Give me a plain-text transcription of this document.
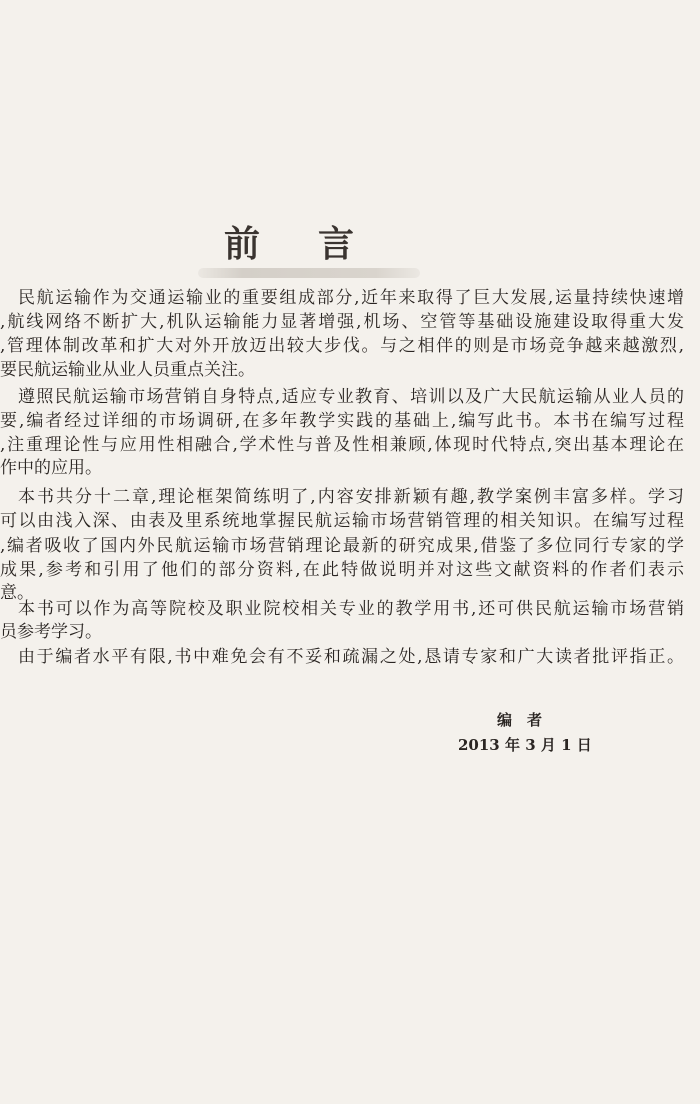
前 言
民航运输作为交通运输业的重要组成部分,近年来取得了巨大发展,运量持续快速增
,航线网络不断扩大,机队运输能力显著增强,机场、空管等基础设施建设取得重大发
,管理体制改革和扩大对外开放迈出较大步伐。与之相伴的则是市场竞争越来越激烈,
要民航运输业从业人员重点关注。
遵照民航运输市场营销自身特点,适应专业教育、培训以及广大民航运输从业人员的
要,编者经过详细的市场调研,在多年教学实践的基础上,编写此书。本书在编写过程
,注重理论性与应用性相融合,学术性与普及性相兼顾,体现时代特点,突出基本理论在
作中的应用。
本书共分十二章,理论框架简练明了,内容安排新颖有趣,教学案例丰富多样。学习
可以由浅入深、由表及里系统地掌握民航运输市场营销管理的相关知识。在编写过程
,编者吸收了国内外民航运输市场营销理论最新的研究成果,借鉴了多位同行专家的学
成果,参考和引用了他们的部分资料,在此特做说明并对这些文献资料的作者们表示
意。
本书可以作为高等院校及职业院校相关专业的教学用书,还可供民航运输市场营销
员参考学习。
由于编者水平有限,书中难免会有不妥和疏漏之处,恳请专家和广大读者批评指正。
编　者
2013 年 3 月 1 日
